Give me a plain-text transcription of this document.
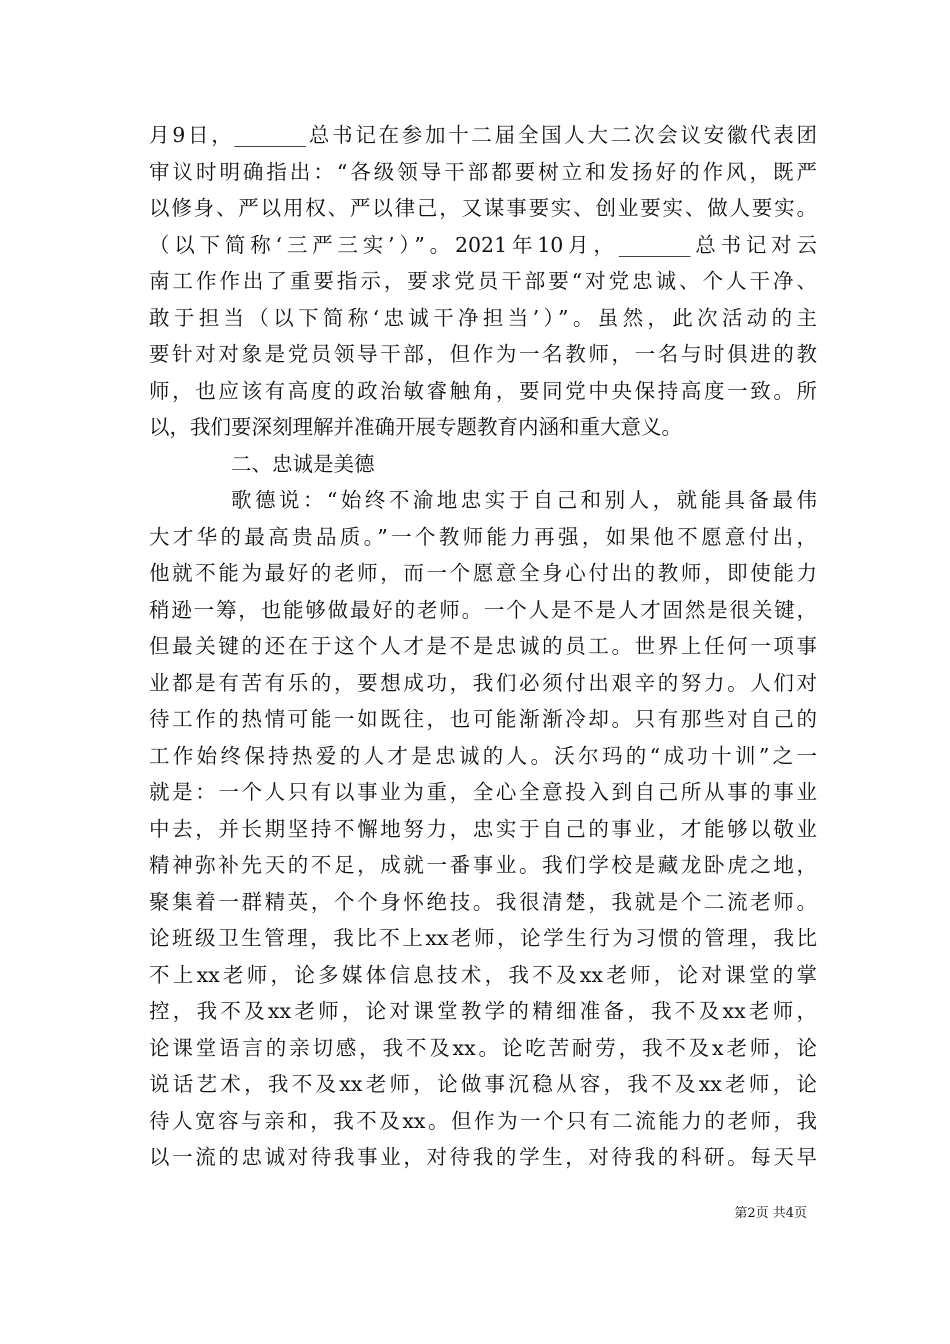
月9日，_______总书记在参加十二届全国人大二次会议安徽代表团
审议时明确指出：“各级领导干部都要树立和发扬好的作风，既严
以修身、严以用权、严以律己，又谋事要实、创业要实、做人要实。
（以下简称‘三严三实’）”。2021年10月，_______总书记对云
南工作作出了重要指示，要求党员干部要“对党忠诚、个人干净、
敢于担当（以下简称‘忠诚干净担当’）”。虽然，此次活动的主
要针对对象是党员领导干部，但作为一名教师，一名与时俱进的教
师，也应该有高度的政治敏睿触角，要同党中央保持高度一致。所
以，我们要深刻理解并准确开展专题教育内涵和重大意义。
二、忠诚是美德
歌德说：“始终不渝地忠实于自己和别人，就能具备最伟
大才华的最高贵品质。”一个教师能力再强，如果他不愿意付出，
他就不能为最好的老师，而一个愿意全身心付出的教师，即使能力
稍逊一筹，也能够做最好的老师。一个人是不是人才固然是很关键，
但最关键的还在于这个人才是不是忠诚的员工。世界上任何一项事
业都是有苦有乐的，要想成功，我们必须付出艰辛的努力。人们对
待工作的热情可能一如既往，也可能渐渐冷却。只有那些对自己的
工作始终保持热爱的人才是忠诚的人。沃尔玛的“成功十训”之一
就是：一个人只有以事业为重，全心全意投入到自己所从事的事业
中去，并长期坚持不懈地努力，忠实于自己的事业，才能够以敬业
精神弥补先天的不足，成就一番事业。我们学校是藏龙卧虎之地，
聚集着一群精英，个个身怀绝技。我很清楚，我就是个二流老师。
论班级卫生管理，我比不上xx老师，论学生行为习惯的管理，我比
不上xx老师，论多媒体信息技术，我不及xx老师，论对课堂的掌
控，我不及xx老师，论对课堂教学的精细准备，我不及xx老师，
论课堂语言的亲切感，我不及xx。论吃苦耐劳，我不及x老师，论
说话艺术，我不及xx老师，论做事沉稳从容，我不及xx老师，论
待人宽容与亲和，我不及xx。但作为一个只有二流能力的老师，我
以一流的忠诚对待我事业，对待我的学生，对待我的科研。每天早
第2页 共4页
